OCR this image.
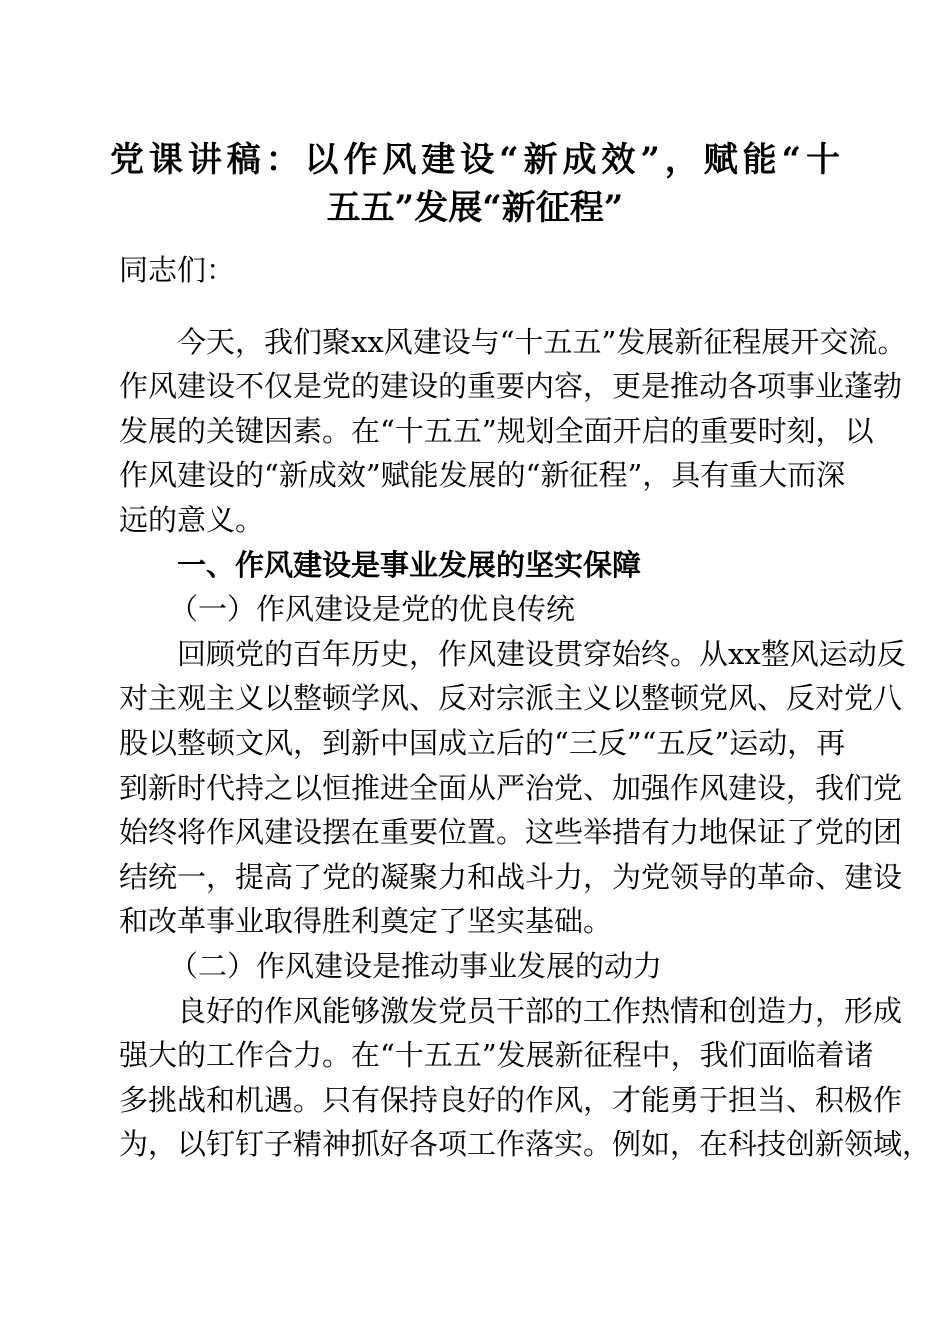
党课讲稿：以作风建设“新成效”，赋能“十
五五”发展“新征程”
同志们：
今天，我们聚xx风建设与“十五五”发展新征程展开交流。
作风建设不仅是党的建设的重要内容，更是推动各项事业蓬勃
发展的关键因素。在“十五五”规划全面开启的重要时刻，以
作风建设的“新成效”赋能发展的“新征程”，具有重大而深
远的意义。
一、作风建设是事业发展的坚实保障
（一）作风建设是党的优良传统
回顾党的百年历史，作风建设贯穿始终。从xx整风运动反
对主观主义以整顿学风、反对宗派主义以整顿党风、反对党八
股以整顿文风，到新中国成立后的“三反”“五反”运动，再
到新时代持之以恒推进全面从严治党、加强作风建设，我们党
始终将作风建设摆在重要位置。这些举措有力地保证了党的团
结统一，提高了党的凝聚力和战斗力，为党领导的革命、建设
和改革事业取得胜利奠定了坚实基础。
（二）作风建设是推动事业发展的动力
良好的作风能够激发党员干部的工作热情和创造力，形成
强大的工作合力。在“十五五”发展新征程中，我们面临着诸
多挑战和机遇。只有保持良好的作风，才能勇于担当、积极作
为，以钉钉子精神抓好各项工作落实。例如，在科技创新领域，
